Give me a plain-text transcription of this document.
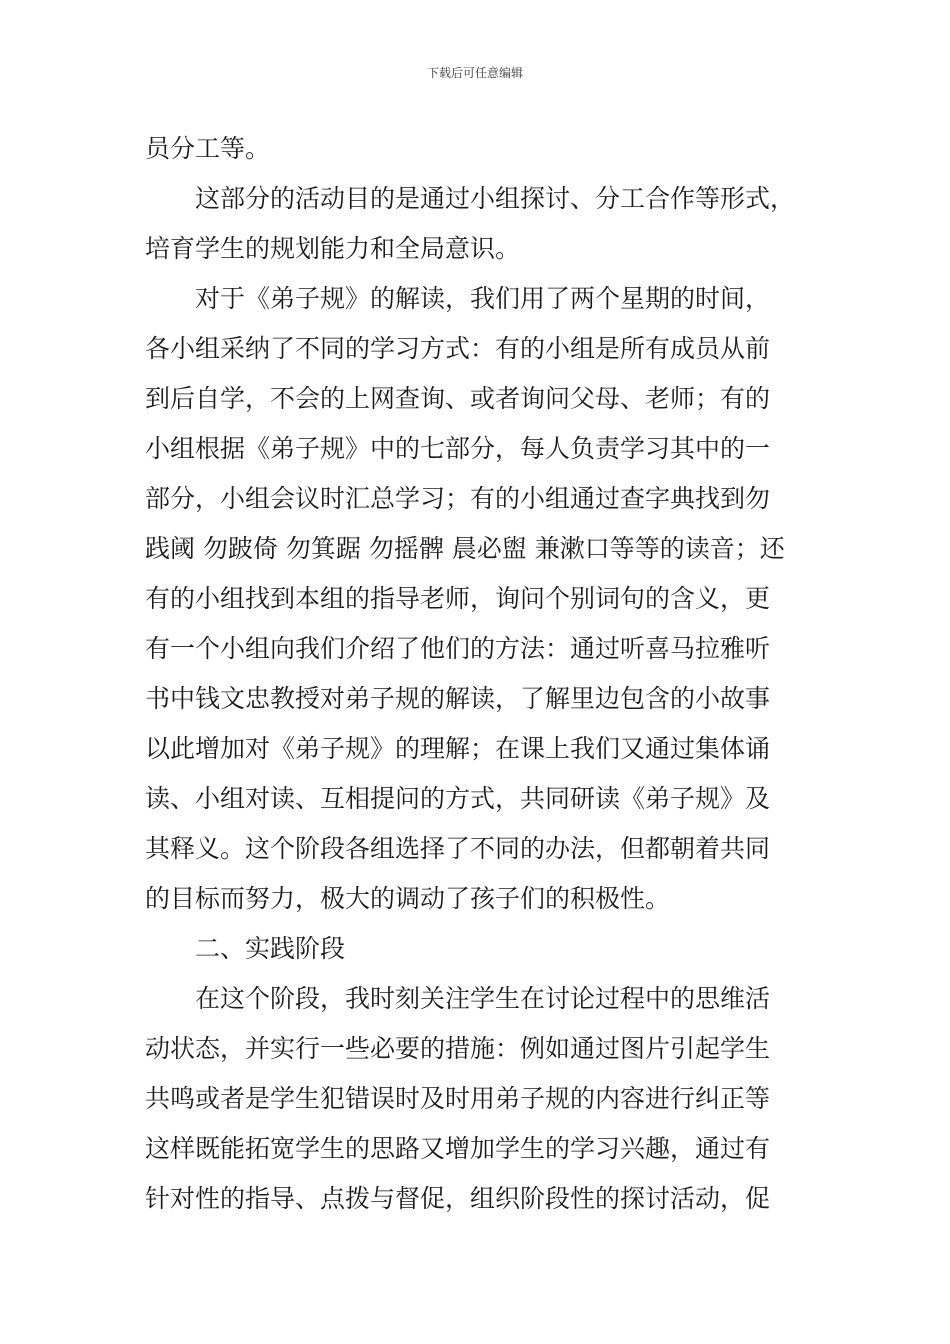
下载后可任意编辑
员分工等。
这部分的活动目的是通过小组探讨、分工合作等形式，
培育学生的规划能力和全局意识。
对于《弟子规》的解读，我们用了两个星期的时间，
各小组采纳了不同的学习方式：有的小组是所有成员从前
到后自学，不会的上网查询、或者询问父母、老师；有的
小组根据《弟子规》中的七部分，每人负责学习其中的一
部分，小组会议时汇总学习；有的小组通过查字典找到勿
践阈 勿跛倚 勿箕踞 勿摇髀 晨必盥 兼漱口等等的读音；还
有的小组找到本组的指导老师，询问个别词句的含义，更
有一个小组向我们介绍了他们的方法：通过听喜马拉雅听
书中钱文忠教授对弟子规的解读，了解里边包含的小故事
以此增加对《弟子规》的理解；在课上我们又通过集体诵
读、小组对读、互相提问的方式，共同研读《弟子规》及
其释义。这个阶段各组选择了不同的办法，但都朝着共同
的目标而努力，极大的调动了孩子们的积极性。
二、实践阶段
在这个阶段，我时刻关注学生在讨论过程中的思维活
动状态，并实行一些必要的措施：例如通过图片引起学生
共鸣或者是学生犯错误时及时用弟子规的内容进行纠正等
这样既能拓宽学生的思路又增加学生的学习兴趣，通过有
针对性的指导、点拨与督促，组织阶段性的探讨活动，促
